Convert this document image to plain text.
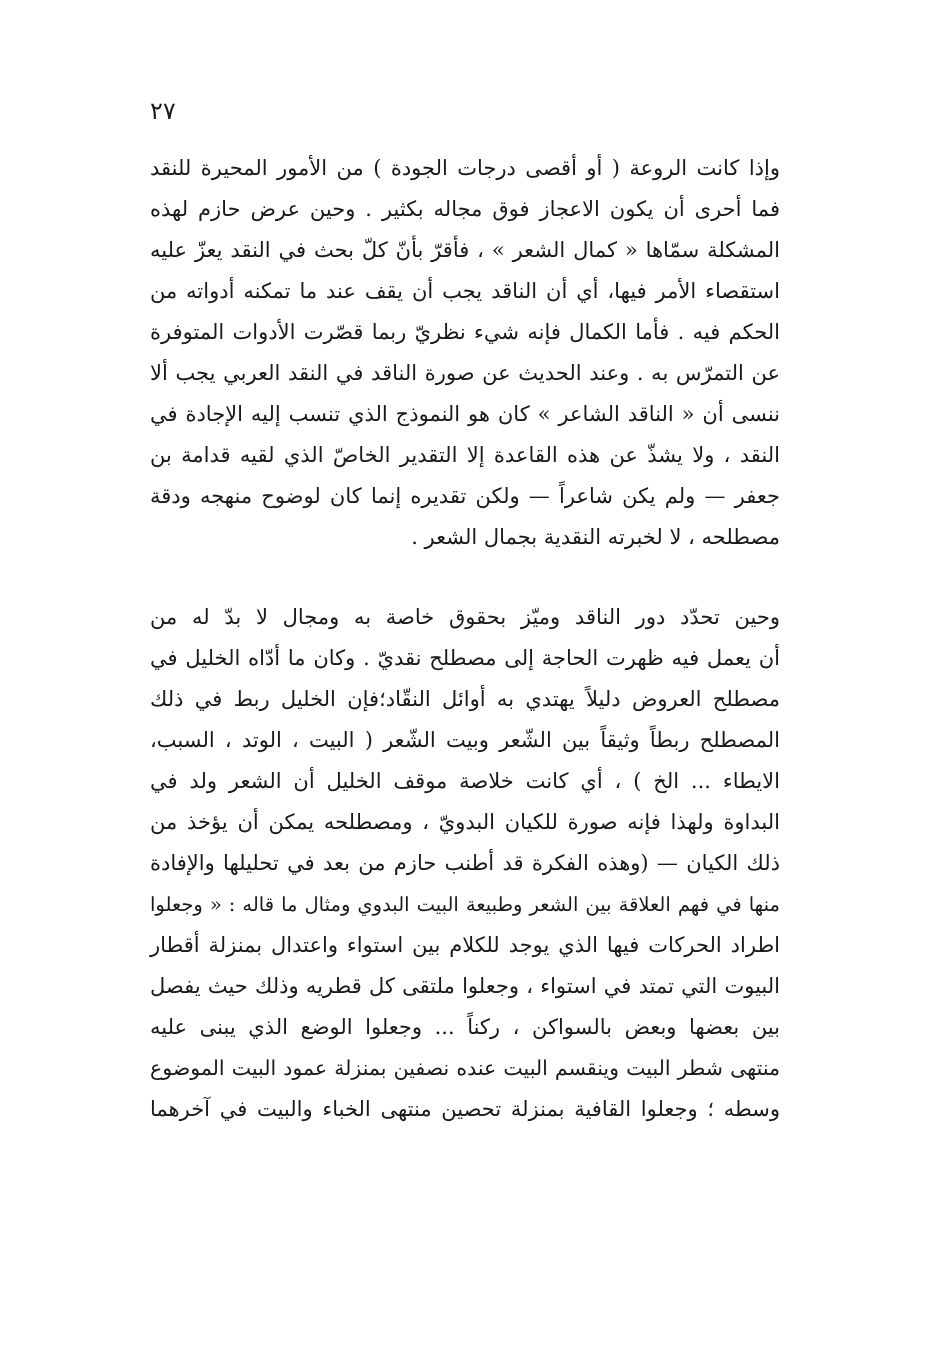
٢٧
وإذا كانت الروعة ( أو أقصى درجات الجودة ) من الأمور المحيرة للنقد
فما أحرى أن يكون الاعجاز فوق مجاله بكثير . وحين عرض حازم لهذه
المشكلة سمّاها « كمال الشعر » ، فأقرّ بأنّ كلّ بحث في النقد يعزّ عليه
استقصاء الأمر فيها، أي أن الناقد يجب أن يقف عند ما تمكنه أدواته من
الحكم فيه . فأما الكمال فإنه شيء نظريّ ربما قصّرت الأدوات المتوفرة
عن التمرّس به . وعند الحديث عن صورة الناقد في النقد العربي يجب ألا
ننسى أن « الناقد الشاعر » كان هو النموذج الذي تنسب إليه الإجادة في
النقد ، ولا يشذّ عن هذه القاعدة إلا التقدير الخاصّ الذي لقيه قدامة بن
جعفر — ولم يكن شاعراً — ولكن تقديره إنما كان لوضوح منهجه ودقة
مصطلحه ، لا لخبرته النقدية بجمال الشعر .
وحين تحدّد دور الناقد وميّز بحقوق خاصة به ومجال لا بدّ له من
أن يعمل فيه ظهرت الحاجة إلى مصطلح نقديّ . وكان ما أدّاه الخليل في
مصطلح العروض دليلاً يهتدي به أوائل النقّاد؛فإن الخليل ربط في ذلك
المصطلح ربطاً وثيقاً بين الشّعر وبيت الشّعر ( البيت ، الوتد ، السبب،
الايطاء ... الخ ) ، أي كانت خلاصة موقف الخليل أن الشعر ولد في
البداوة ولهذا فإنه صورة للكيان البدويّ ، ومصطلحه يمكن أن يؤخذ من
ذلك الكيان — (وهذه الفكرة قد أطنب حازم من بعد في تحليلها والإفادة
منها في فهم العلاقة بين الشعر وطبيعة البيت البدوي ومثال ما قاله : « وجعلوا
اطراد الحركات فيها الذي يوجد للكلام بين استواء واعتدال بمنزلة أقطار
البيوت التي تمتد في استواء ، وجعلوا ملتقى كل قطريه وذلك حيث يفصل
بين بعضها وبعض بالسواكن ، ركناً ... وجعلوا الوضع الذي يبنى عليه
منتهى شطر البيت وينقسم البيت عنده نصفين بمنزلة عمود البيت الموضوع
وسطه ؛ وجعلوا القافية بمنزلة تحصين منتهى الخباء والبيت في آخرهما
